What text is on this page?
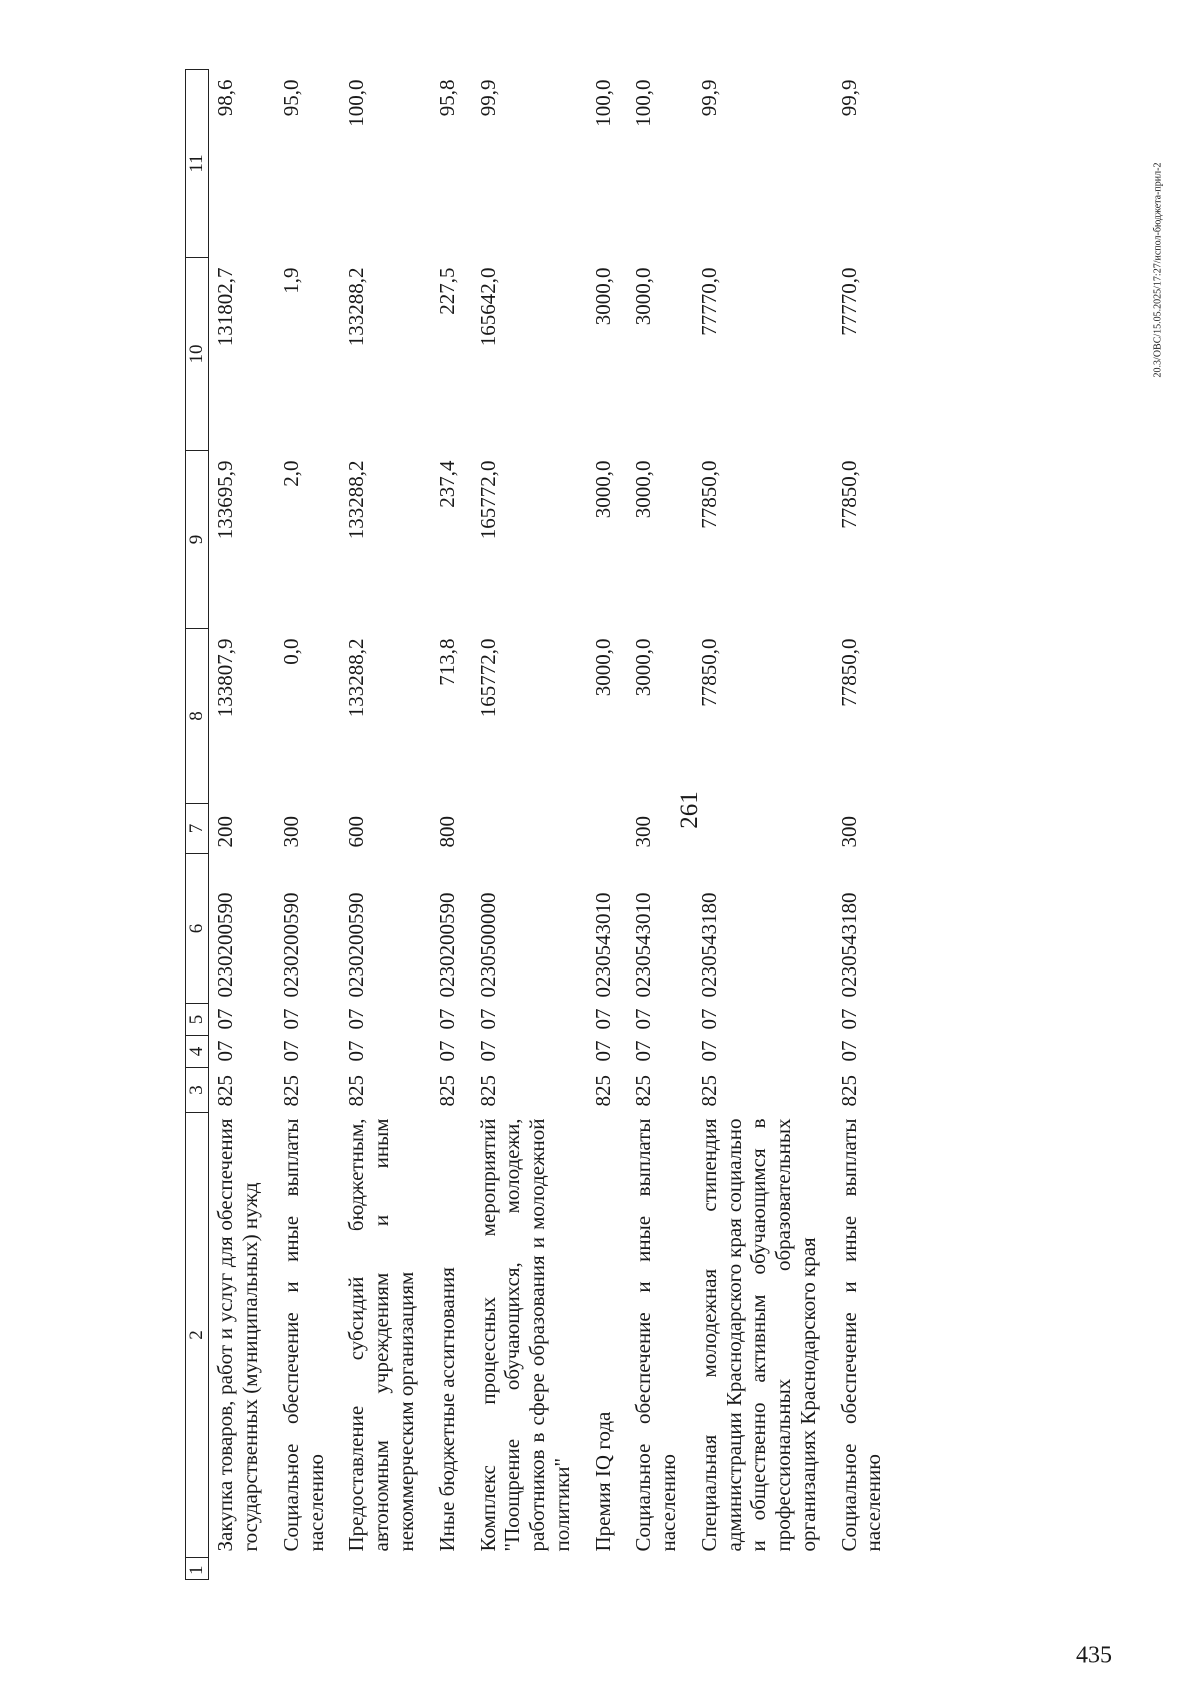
261
20.3/OBC/15.05.2025/17:27/испол-бюджета-прил-2
435
1	2	3	4	5	6	7	8	9	10	11
	Закупка товаров, работ и услуг для обеспечения государственных (муниципальных) нужд	825	07	07	0230200590	200	133807,9	133695,9	131802,7	98,6
	Социальное обеспечение и иные выплаты населению	825	07	07	0230200590	300	0,0	2,0	1,9	95,0
	Предоставление субсидий бюджетным, автономным учреждениям и иным некоммерческим организациям	825	07	07	0230200590	600	133288,2	133288,2	133288,2	100,0
	Иные бюджетные ассигнования	825	07	07	0230200590	800	713,8	237,4	227,5	95,8
	Комплекс процессных мероприятий "Поощрение обучающихся, молодежи, работников в сфере образования и молодежной политики"	825	07	07	0230500000		165772,0	165772,0	165642,0	99,9
	Премия IQ года	825	07	07	0230543010		3000,0	3000,0	3000,0	100,0
	Социальное обеспечение и иные выплаты населению	825	07	07	0230543010	300	3000,0	3000,0	3000,0	100,0
	Специальная молодежная стипендия администрации Краснодарского края социально и общественно активным обучающимся в профессиональных образовательных организациях Краснодарского края	825	07	07	0230543180		77850,0	77850,0	77770,0	99,9
	Социальное обеспечение и иные выплаты населению	825	07	07	0230543180	300	77850,0	77850,0	77770,0	99,9
